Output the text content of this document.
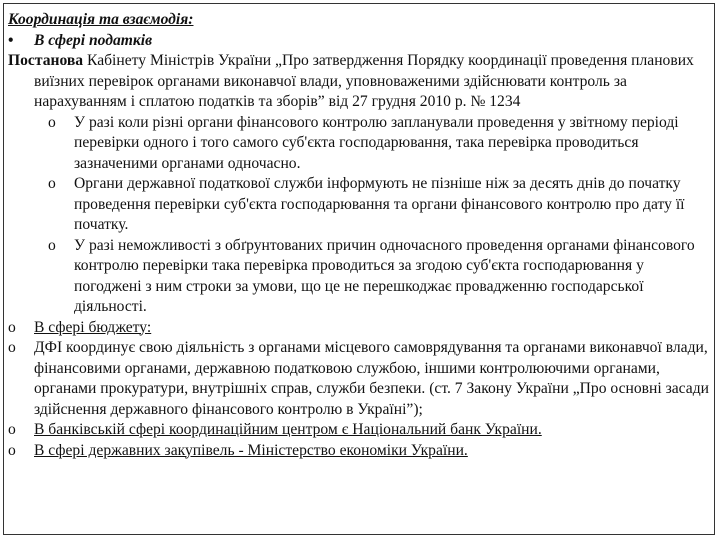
Координація та взаємодія:

• В сфері податків

Постанова Кабінету Міністрів України „Про затвердження Порядку координації проведення планових виїзних перевірок органами виконавчої влади, уповноваженими здійснювати контроль за нарахуванням і сплатою податків та зборів” від 27 грудня 2010 р. № 1234

o У разі коли різні органи фінансового контролю запланували проведення у звітному періоді перевірки одного і того самого суб'єкта господарювання, така перевірка проводиться зазначеними органами одночасно.

o Органи державної податкової служби інформують не пізніше ніж за десять днів до початку проведення перевірки суб'єкта господарювання та органи фінансового контролю про дату її початку.

o У разі неможливості з обґрунтованих причин одночасного проведення органами фінансового контролю перевірки така перевірка проводиться за згодою суб'єкта господарювання у погоджені з ним строки за умови, що це не перешкоджає провадженню господарської діяльності.

o В сфері бюджету:

o ДФІ координує свою діяльність з органами місцевого самоврядування та органами виконавчої влади, фінансовими органами, державною податковою службою, іншими контролюючими органами, органами прокуратури, внутрішніх справ, служби безпеки. (ст. 7 Закону України „Про основні засади здійснення державного фінансового контролю в Україні”);

o В банківській сфері координаційним центром є Національний банк України.

o В сфері державних закупівель - Міністерство економіки України.
